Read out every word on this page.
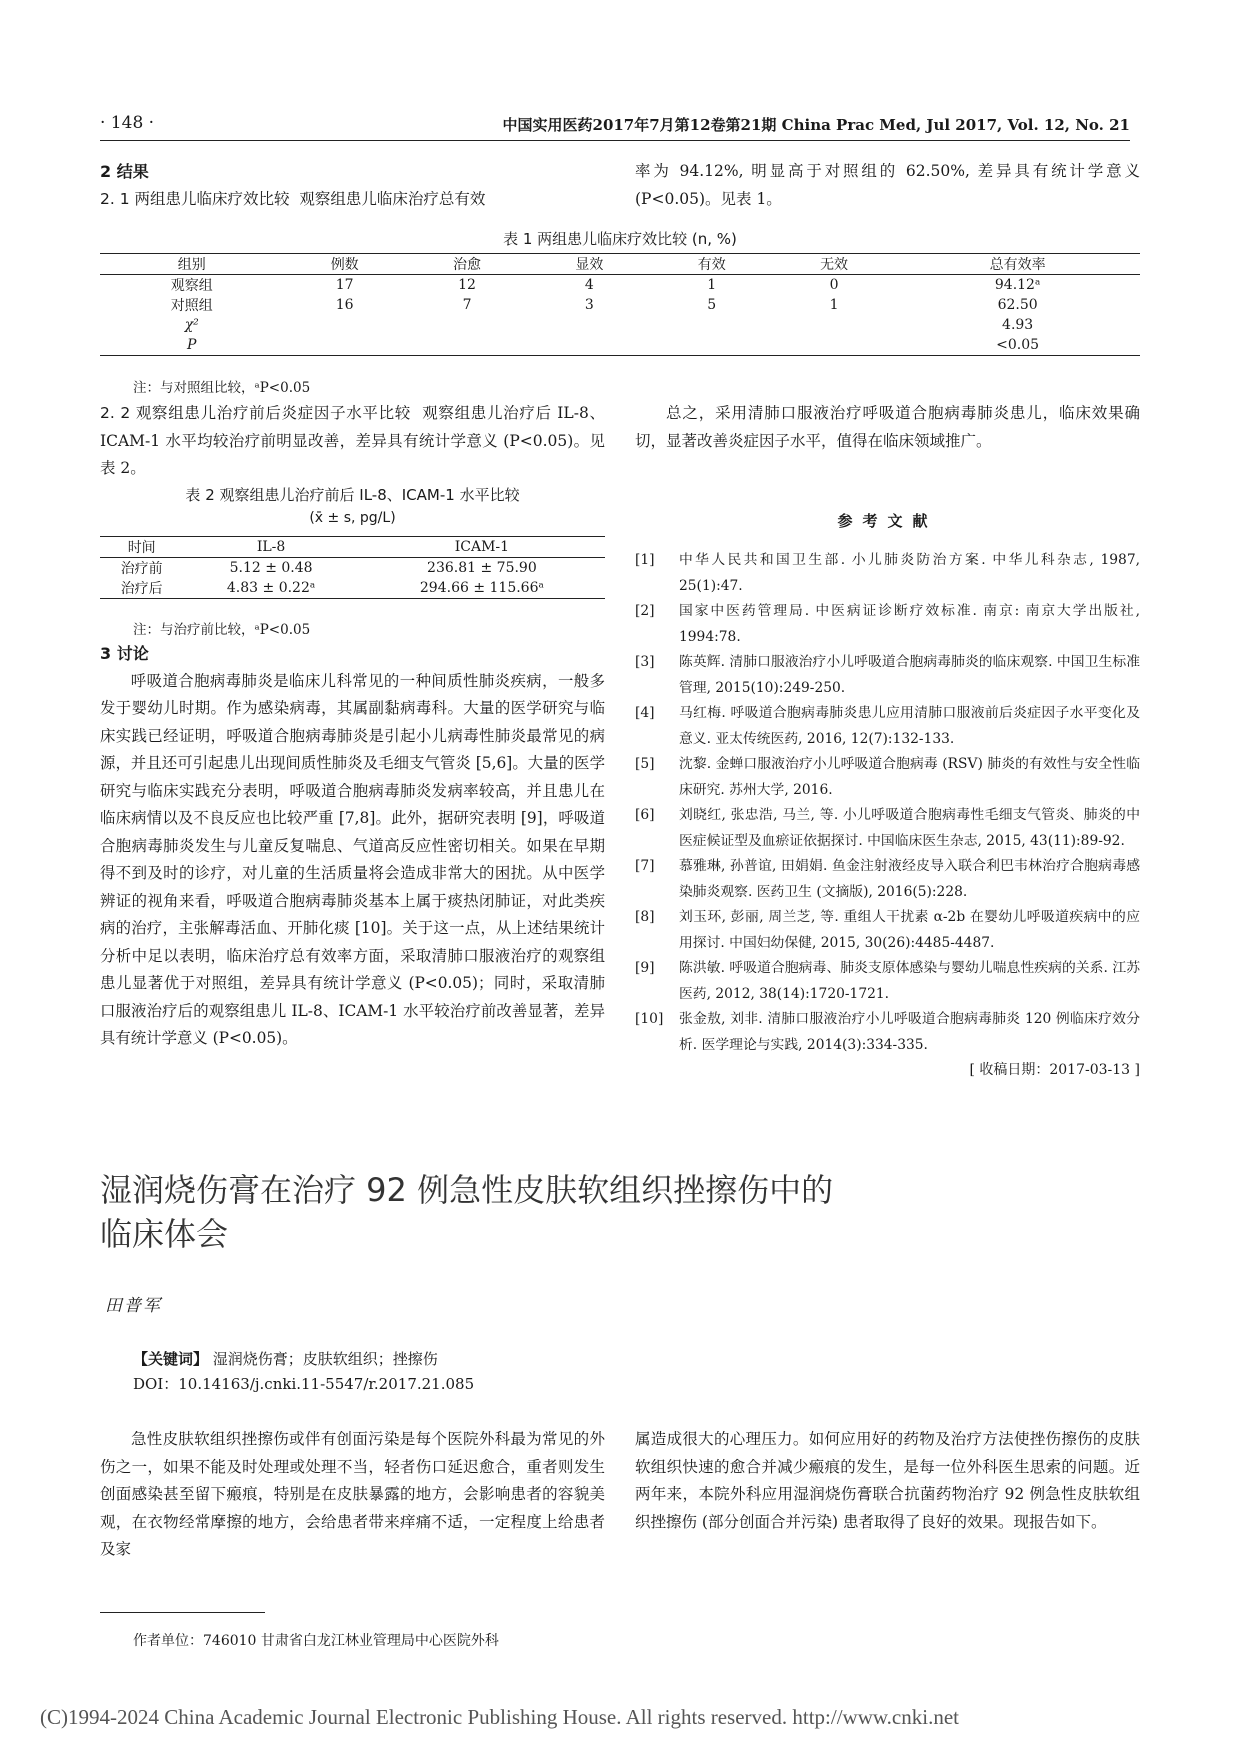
· 148 ·	中国实用医药2017年7月第12卷第21期 China Prac Med, Jul 2017, Vol. 12, No. 21
2 结果
2. 1 两组患儿临床疗效比较 观察组患儿临床治疗总有效
率为 94.12%, 明显高于对照组的 62.50%, 差异具有统计学意义 (P<0.05)。见表 1。
表 1 两组患儿临床疗效比较 (n, %)
组别	例数	治愈	显效	有效	无效	总有效率
观察组	17	12	4	1	0	94.12ᵃ
对照组	16	7	3	5	1	62.50
χ²						4.93
P						<0.05
注：与对照组比较，ᵃP<0.05
2. 2 观察组患儿治疗前后炎症因子水平比较 观察组患儿治疗后 IL-8、ICAM-1 水平均较治疗前明显改善，差异具有统计学意义 (P<0.05)。见表 2。
表 2 观察组患儿治疗前后 IL-8、ICAM-1 水平比较
(x̄ ± s, pg/L)
时间	IL-8	ICAM-1
治疗前	5.12 ± 0.48	236.81 ± 75.90
治疗后	4.83 ± 0.22ᵃ	294.66 ± 115.66ᵃ
注：与治疗前比较，ᵃP<0.05
3 讨论
呼吸道合胞病毒肺炎是临床儿科常见的一种间质性肺炎疾病，一般多发于婴幼儿时期。作为感染病毒，其属副黏病毒科。大量的医学研究与临床实践已经证明，呼吸道合胞病毒肺炎是引起小儿病毒性肺炎最常见的病源，并且还可引起患儿出现间质性肺炎及毛细支气管炎 [5,6]。大量的医学研究与临床实践充分表明，呼吸道合胞病毒肺炎发病率较高，并且患儿在临床病情以及不良反应也比较严重 [7,8]。此外，据研究表明 [9]，呼吸道合胞病毒肺炎发生与儿童反复喘息、气道高反应性密切相关。如果在早期得不到及时的诊疗，对儿童的生活质量将会造成非常大的困扰。从中医学辨证的视角来看，呼吸道合胞病毒肺炎基本上属于痰热闭肺证，对此类疾病的治疗，主张解毒活血、开肺化痰 [10]。关于这一点，从上述结果统计分析中足以表明，临床治疗总有效率方面，采取清肺口服液治疗的观察组患儿显著优于对照组，差异具有统计学意义 (P<0.05)；同时，采取清肺口服液治疗后的观察组患儿 IL-8、ICAM-1 水平较治疗前改善显著，差异具有统计学意义 (P<0.05)。
总之，采用清肺口服液治疗呼吸道合胞病毒肺炎患儿，临床效果确切，显著改善炎症因子水平，值得在临床领域推广。
参考文献
[1]	中华人民共和国卫生部. 小儿肺炎防治方案. 中华儿科杂志, 1987, 25(1):47.
[2]	国家中医药管理局. 中医病证诊断疗效标准. 南京: 南京大学出版社, 1994:78.
[3]	陈英辉. 清肺口服液治疗小儿呼吸道合胞病毒肺炎的临床观察. 中国卫生标准管理, 2015(10):249-250.
[4]	马红梅. 呼吸道合胞病毒肺炎患儿应用清肺口服液前后炎症因子水平变化及意义. 亚太传统医药, 2016, 12(7):132-133.
[5]	沈黎. 金蝉口服液治疗小儿呼吸道合胞病毒 (RSV) 肺炎的有效性与安全性临床研究. 苏州大学, 2016.
[6]	刘晓红, 张忠浩, 马兰, 等. 小儿呼吸道合胞病毒性毛细支气管炎、肺炎的中医症候证型及血瘀证依据探讨. 中国临床医生杂志, 2015, 43(11):89-92.
[7]	慕雅琳, 孙普谊, 田娟娟. 鱼金注射液经皮导入联合利巴韦林治疗合胞病毒感染肺炎观察. 医药卫生 (文摘版), 2016(5):228.
[8]	刘玉环, 彭丽, 周兰芝, 等. 重组人干扰素 α-2b 在婴幼儿呼吸道疾病中的应用探讨. 中国妇幼保健, 2015, 30(26):4485-4487.
[9]	陈洪敏. 呼吸道合胞病毒、肺炎支原体感染与婴幼儿喘息性疾病的关系. 江苏医药, 2012, 38(14):1720-1721.
[10]	张金敖, 刘非. 清肺口服液治疗小儿呼吸道合胞病毒肺炎 120 例临床疗效分析. 医学理论与实践, 2014(3):334-335.
[ 收稿日期：2017-03-13 ]
湿润烧伤膏在治疗 92 例急性皮肤软组织挫擦伤中的
临床体会
田普军
【关键词】 湿润烧伤膏；皮肤软组织；挫擦伤
DOI：10.14163/j.cnki.11-5547/r.2017.21.085
急性皮肤软组织挫擦伤或伴有创面污染是每个医院外科最为常见的外伤之一，如果不能及时处理或处理不当，轻者伤口延迟愈合，重者则发生创面感染甚至留下瘢痕，特别是在皮肤暴露的地方，会影响患者的容貌美观，在衣物经常摩擦的地方，会给患者带来痒痛不适，一定程度上给患者及家
属造成很大的心理压力。如何应用好的药物及治疗方法使挫伤擦伤的皮肤软组织快速的愈合并减少瘢痕的发生，是每一位外科医生思索的问题。近两年来，本院外科应用湿润烧伤膏联合抗菌药物治疗 92 例急性皮肤软组织挫擦伤 (部分创面合并污染) 患者取得了良好的效果。现报告如下。
作者单位：746010 甘肃省白龙江林业管理局中心医院外科
(C)1994-2024 China Academic Journal Electronic Publishing House. All rights reserved. http://www.cnki.net
